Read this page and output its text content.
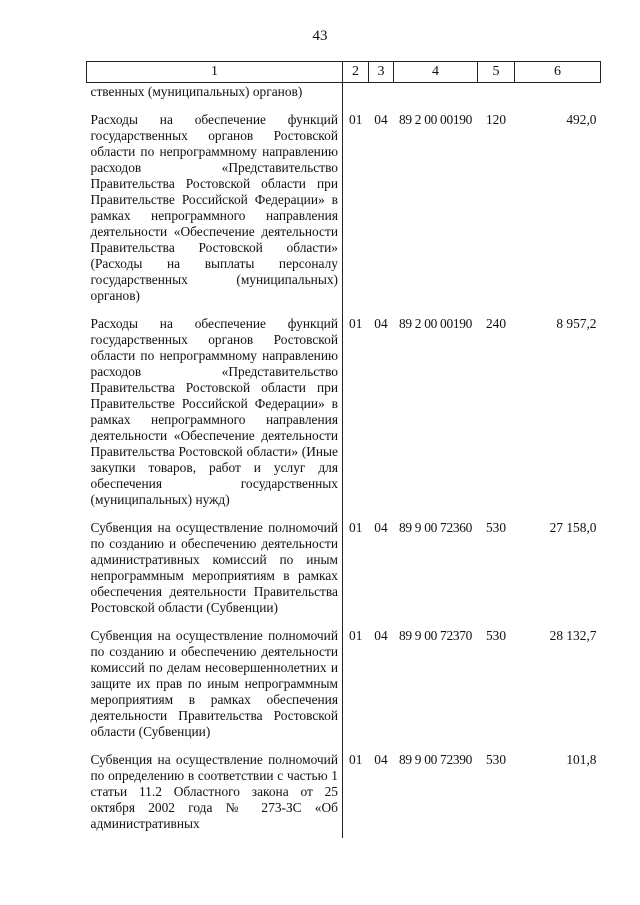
43
1	2	3	4	5	6
ственных (муниципальных) органов)					
Расходы на обеспечение функций государственных органов Ростовской области по непрограммному направлению расходов «Представительство Правительства Ростовской области при Правительстве Российской Федерации» в рамках непрограммного направления деятельности «Обеспечение деятельности Правительства Ростовской области» (Расходы на выплаты персоналу государственных (муниципальных) органов)	01	04	89 2 00 00190	120	492,0
Расходы на обеспечение функций государственных органов Ростовской области по непрограммному направлению расходов «Представительство Правительства Ростовской области при Правительстве Российской Федерации» в рамках непрограммного направления деятельности «Обеспечение деятельности Правительства Ростовской области» (Иные закупки товаров, работ и услуг для обеспечения государственных (муниципальных) нужд)	01	04	89 2 00 00190	240	8 957,2
Субвенция на осуществление полномочий по созданию и обеспечению деятельности административных комиссий по иным непрограммным мероприятиям в рамках обеспечения деятельности Правительства Ростовской области (Субвенции)	01	04	89 9 00 72360	530	27 158,0
Субвенция на осуществление полномочий по созданию и обеспечению деятельности комиссий по делам несовершеннолетних и защите их прав по иным непрограммным мероприятиям в рамках обеспечения деятельности Правительства Ростовской области (Субвенции)	01	04	89 9 00 72370	530	28 132,7
Субвенция на осуществление полномочий по определению в соответствии с частью 1 статьи 11.2 Областного закона от 25 октября 2002 года № 273-ЗС «Об административных	01	04	89 9 00 72390	530	101,8
